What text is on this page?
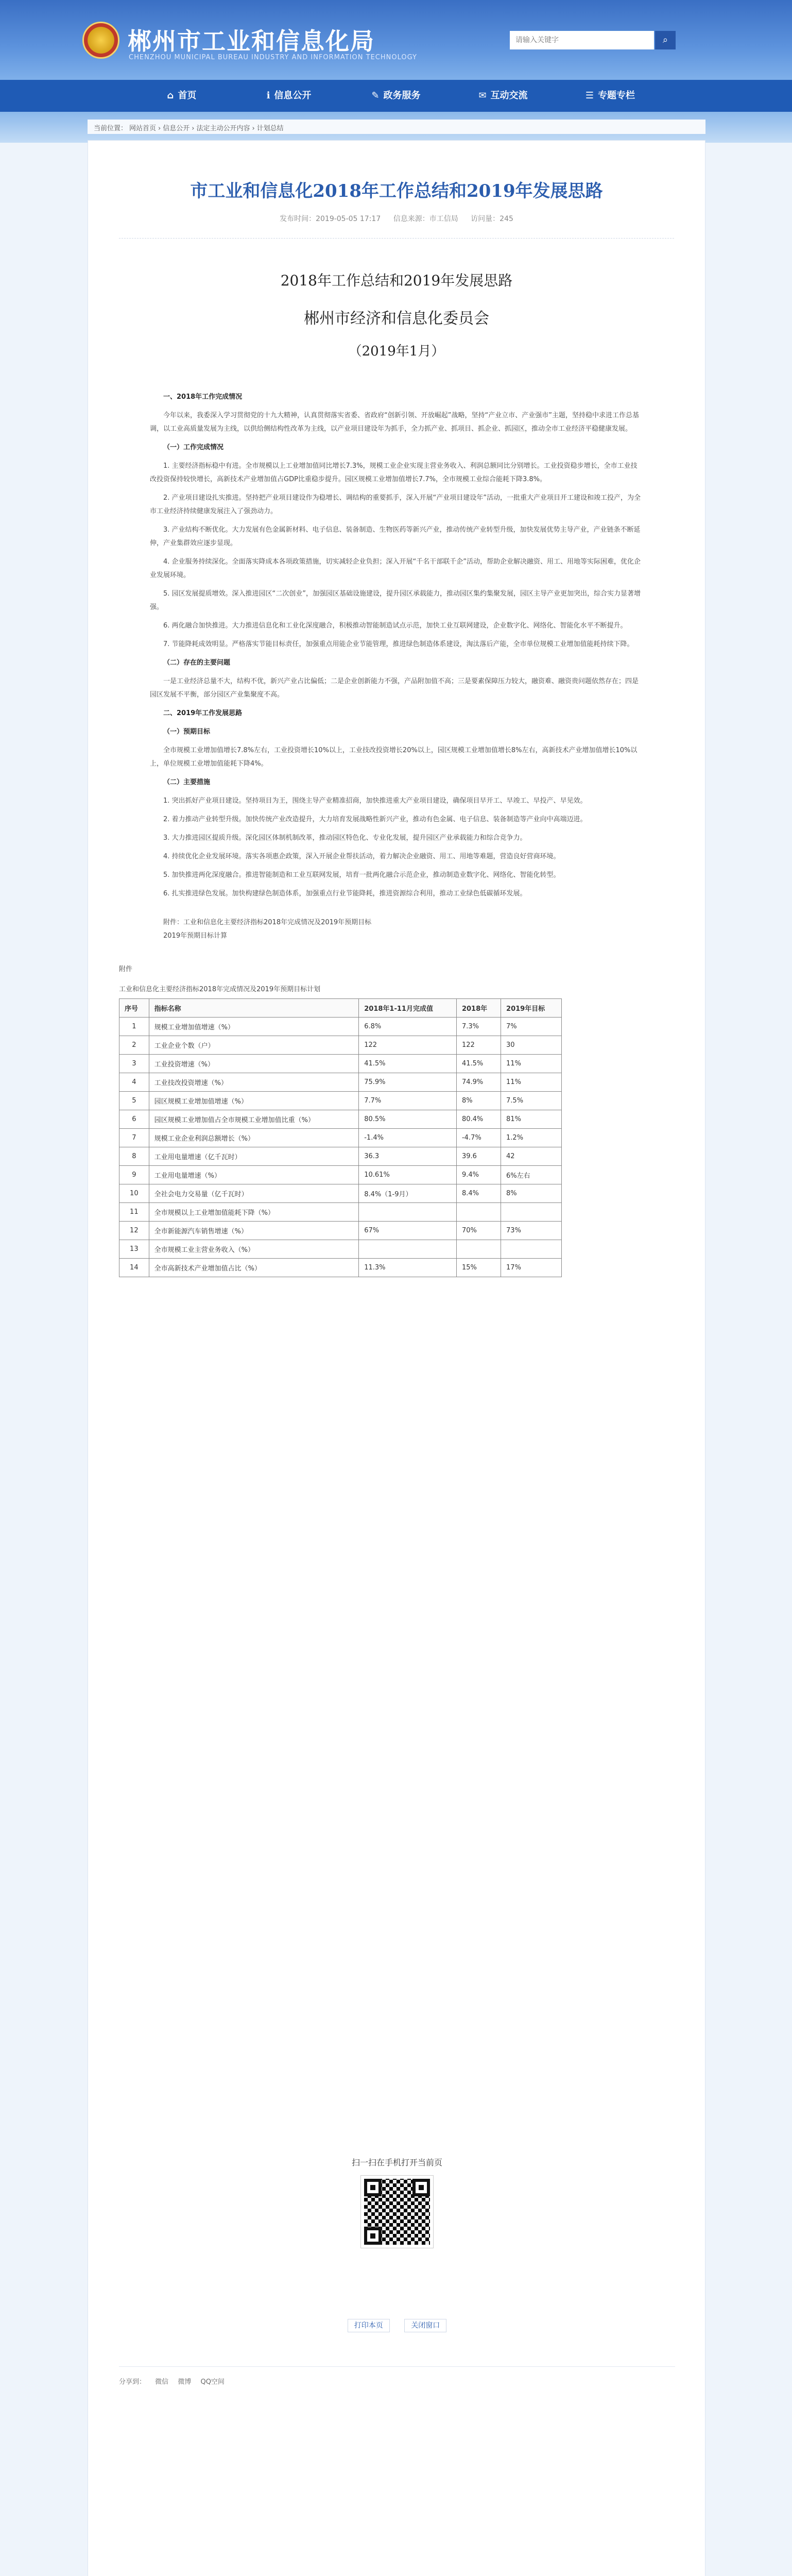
郴州市工业和信息化局
CHENZHOU MUNICIPAL BUREAU INDUSTRY AND INFORMATION TECHNOLOGY
请输入关键字
⌕
⌂ 首页	ℹ 信息公开	✎ 政务服务	✉ 互动交流	☰ 专题专栏
当前位置： 网站首页 › 信息公开 › 法定主动公开内容 › 计划总结
市工业和信息化2018年工作总结和2019年发展思路
发布时间：2019-05-05 17:17 信息来源：市工信局 访问量：245
2018年工作总结和2019年发展思路
郴州市经济和信息化委员会
（2019年1月）

一、2018年工作完成情况

今年以来，我委深入学习贯彻党的十九大精神，认真贯彻落实省委、省政府“创新引领、开放崛起”战略，坚持“产业立市、产业强市”主题，坚持稳中求进工作总基调，以工业高质量发展为主线，以供给侧结构性改革为主线，以产业项目建设年为抓手，全力抓产业、抓项目、抓企业、抓园区，推动全市工业经济平稳健康发展。

（一）工作完成情况

1. 主要经济指标稳中有进。全市规模以上工业增加值同比增长7.3%，规模工业企业实现主营业务收入、利润总额同比分别增长。工业投资稳步增长，全市工业技改投资保持较快增长，高新技术产业增加值占GDP比重稳步提升。园区规模工业增加值增长7.7%，全市规模工业综合能耗下降3.8%。

2. 产业项目建设扎实推进。坚持把产业项目建设作为稳增长、调结构的重要抓手，深入开展“产业项目建设年”活动，一批重大产业项目开工建设和竣工投产，为全市工业经济持续健康发展注入了强劲动力。

3. 产业结构不断优化。大力发展有色金属新材料、电子信息、装备制造、生物医药等新兴产业，推动传统产业转型升级，加快发展优势主导产业，产业链条不断延伸，产业集群效应逐步显现。

4. 企业服务持续深化。全面落实降成本各项政策措施，切实减轻企业负担；深入开展“千名干部联千企”活动，帮助企业解决融资、用工、用地等实际困难，优化企业发展环境。

5. 园区发展提质增效。深入推进园区“二次创业”，加强园区基础设施建设，提升园区承载能力，推动园区集约集聚发展，园区主导产业更加突出，综合实力显著增强。

6. 两化融合加快推进。大力推进信息化和工业化深度融合，积极推动智能制造试点示范，加快工业互联网建设，企业数字化、网络化、智能化水平不断提升。

7. 节能降耗成效明显。严格落实节能目标责任，加强重点用能企业节能管理，推进绿色制造体系建设，淘汰落后产能，全市单位规模工业增加值能耗持续下降。

（二）存在的主要问题

一是工业经济总量不大，结构不优，新兴产业占比偏低；二是企业创新能力不强，产品附加值不高；三是要素保障压力较大，融资难、融资贵问题依然存在；四是园区发展不平衡，部分园区产业集聚度不高。

二、2019年工作发展思路

（一）预期目标

全市规模工业增加值增长7.8%左右，工业投资增长10%以上，工业技改投资增长20%以上，园区规模工业增加值增长8%左右，高新技术产业增加值增长10%以上，单位规模工业增加值能耗下降4%。

（二）主要措施

1. 突出抓好产业项目建设。坚持项目为王，围绕主导产业精准招商，加快推进重大产业项目建设，确保项目早开工、早竣工、早投产、早见效。

2. 着力推动产业转型升级。加快传统产业改造提升，大力培育发展战略性新兴产业，推动有色金属、电子信息、装备制造等产业向中高端迈进。

3. 大力推进园区提质升级。深化园区体制机制改革，推动园区特色化、专业化发展，提升园区产业承载能力和综合竞争力。

4. 持续优化企业发展环境。落实各项惠企政策，深入开展企业帮扶活动，着力解决企业融资、用工、用地等难题，营造良好营商环境。

5. 加快推进两化深度融合。推进智能制造和工业互联网发展，培育一批两化融合示范企业，推动制造业数字化、网络化、智能化转型。

6. 扎实推进绿色发展。加快构建绿色制造体系，加强重点行业节能降耗，推进资源综合利用，推动工业绿色低碳循环发展。

附件：工业和信息化主要经济指标2018年完成情况及2019年预期目标

2019年预期目标计算

附件
工业和信息化主要经济指标2018年完成情况及2019年预期目标计划
序号	指标名称	2018年1-11月完成值	2018年	2019年目标
1	规模工业增加值增速（%）	6.8%	7.3%	7%
2	工业企业个数（户）	122	122	30
3	工业投资增速（%）	41.5%	41.5%	11%
4	工业技改投资增速（%）	75.9%	74.9%	11%
5	园区规模工业增加值增速（%）	7.7%	8%	7.5%
6	园区规模工业增加值占全市规模工业增加值比重（%）	80.5%	80.4%	81%
7	规模工业企业利润总额增长（%）	-1.4%	-4.7%	1.2%
8	工业用电量增速（亿千瓦时）	36.3	39.6	42
9	工业用电量增速（%）	10.61%	9.4%	6%左右
10	全社会电力交易量（亿千瓦时）	8.4%（1-9月）	8.4%	8%
11	全市规模以上工业增加值能耗下降（%）			
12	全市新能源汽车销售增速（%）	67%	70%	73%
13	全市规模工业主营业务收入（%）			
14	全市高新技术产业增加值占比（%）	11.3%	15%	17%
扫一扫在手机打开当前页
打印本页	关闭窗口
分享到： 微信 微博 QQ空间
